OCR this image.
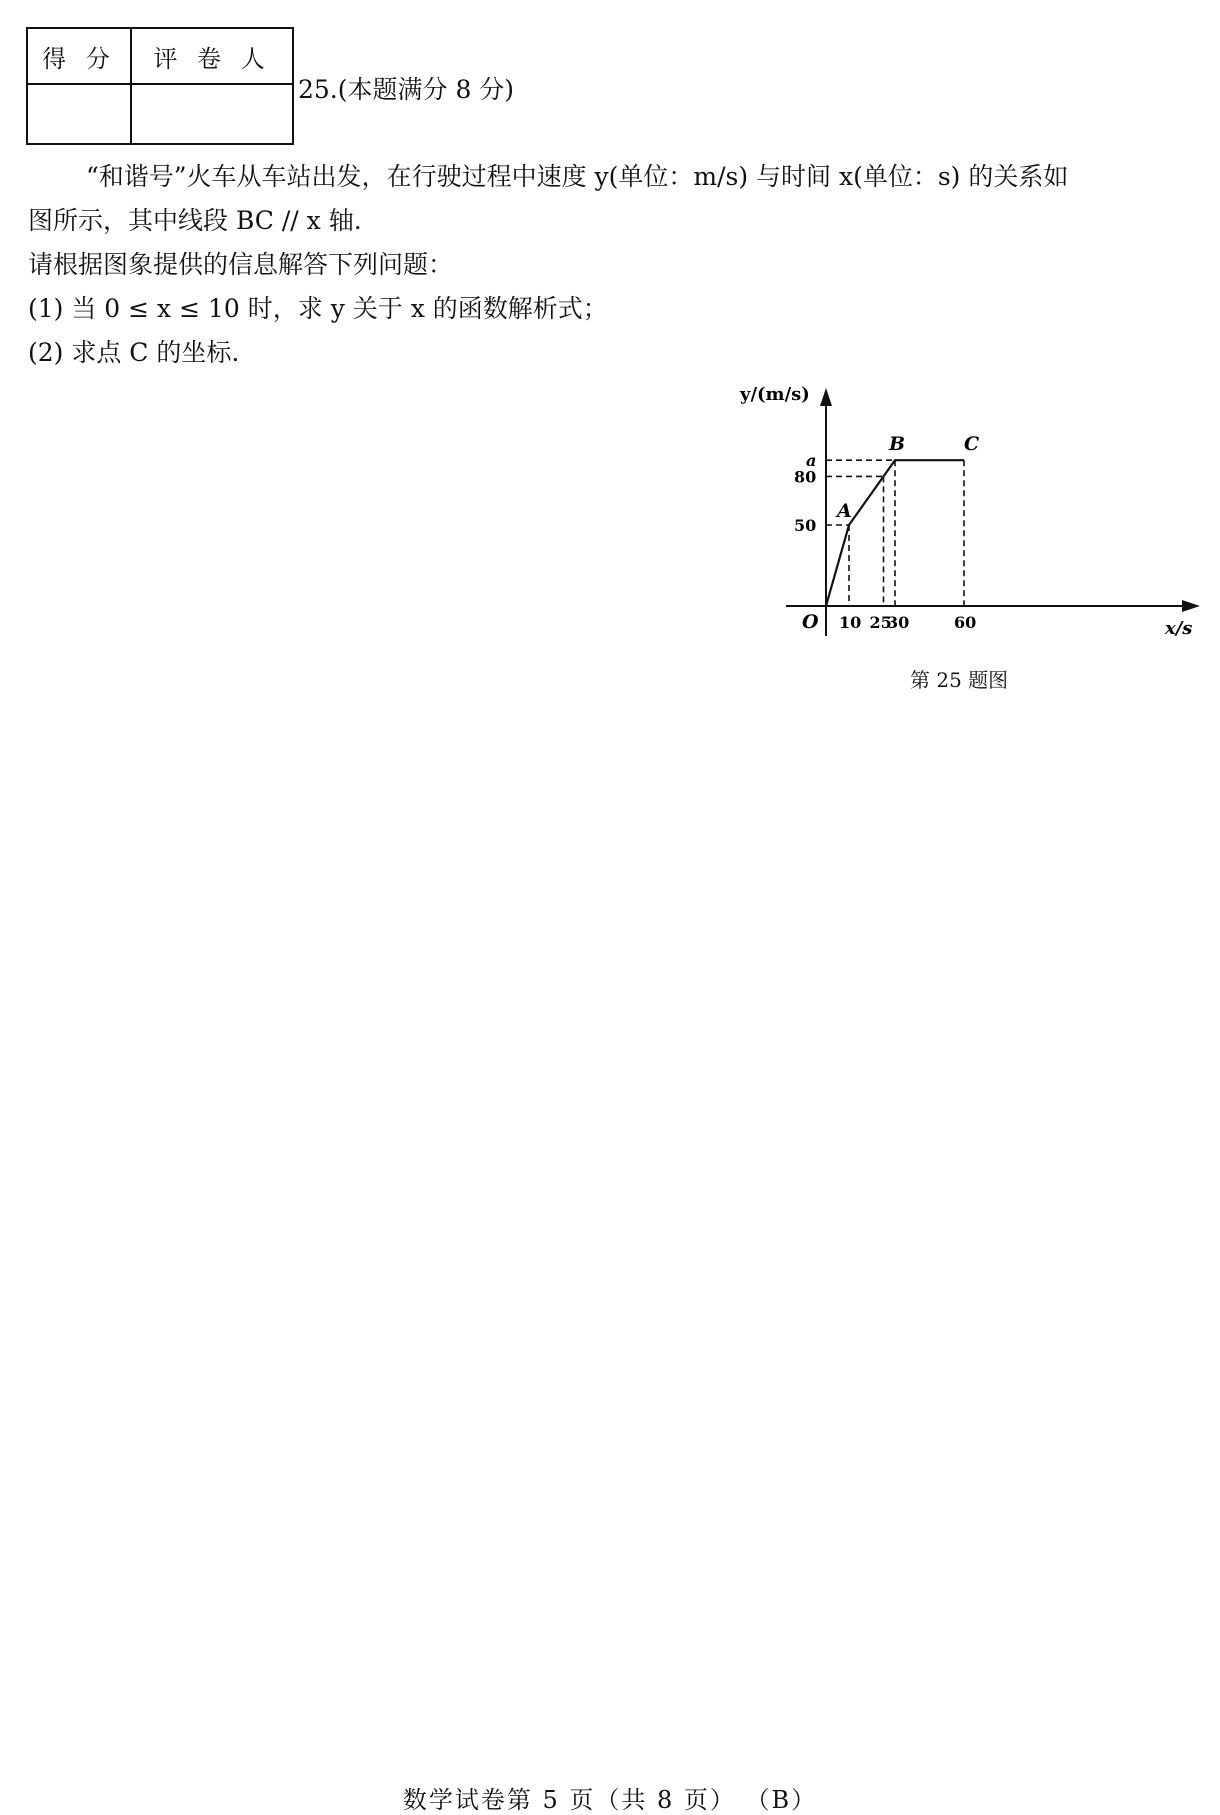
得 分	评 卷 人

25.(本题满分 8 分)
“和谐号”火车从车站出发，在行驶过程中速度 y(单位：m/s) 与时间 x(单位：s) 的关系如
图所示，其中线段 BC // x 轴.
请根据图象提供的信息解答下列问题：
(1) 当 0 ≤ x ≤ 10 时，求 y 关于 x 的函数解析式；
(2) 求点 C 的坐标.
y/(m/s)
x/s
O
A
B	C
10 25
30	60
50
80
a
第 25 题图
数学试卷第 5 页（共 8 页） （B）
